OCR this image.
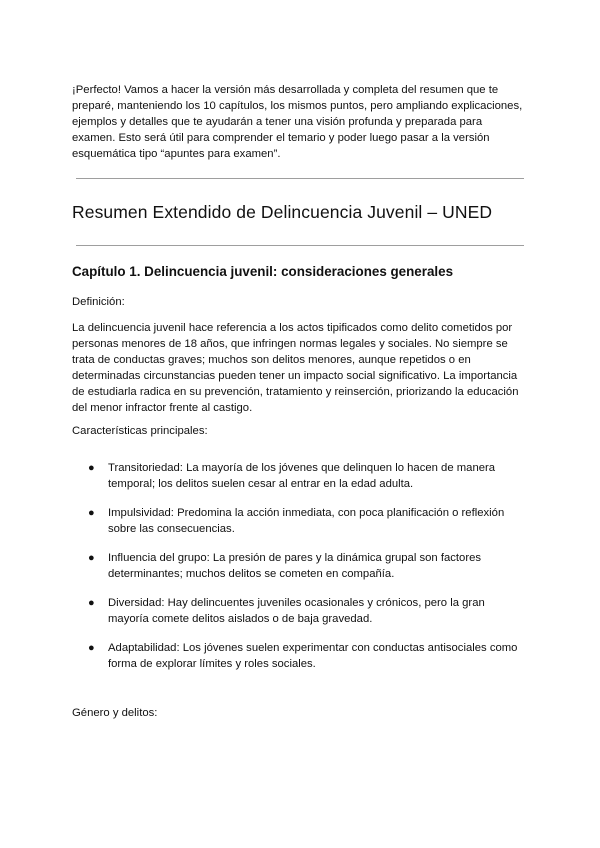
¡Perfecto! Vamos a hacer la versión más desarrollada y completa del resumen que te preparé, manteniendo los 10 capítulos, los mismos puntos, pero ampliando explicaciones, ejemplos y detalles que te ayudarán a tener una visión profunda y preparada para examen. Esto será útil para comprender el temario y poder luego pasar a la versión esquemática tipo “apuntes para examen”.

Resumen Extendido de Delincuencia Juvenil – UNED
Capítulo 1. Delincuencia juvenil: consideraciones generales

Definición:

La delincuencia juvenil hace referencia a los actos tipificados como delito cometidos por personas menores de 18 años, que infringen normas legales y sociales. No siempre se trata de conductas graves; muchos son delitos menores, aunque repetidos o en determinadas circunstancias pueden tener un impacto social significativo. La importancia de estudiarla radica en su prevención, tratamiento y reinserción, priorizando la educación del menor infractor frente al castigo.

Características principales:

● Transitoriedad: La mayoría de los jóvenes que delinquen lo hacen de manera temporal; los delitos suelen cesar al entrar en la edad adulta.
● Impulsividad: Predomina la acción inmediata, con poca planificación o reflexión sobre las consecuencias.
● Influencia del grupo: La presión de pares y la dinámica grupal son factores determinantes; muchos delitos se cometen en compañía.
● Diversidad: Hay delincuentes juveniles ocasionales y crónicos, pero la gran mayoría comete delitos aislados o de baja gravedad.
● Adaptabilidad: Los jóvenes suelen experimentar con conductas antisociales como forma de explorar límites y roles sociales.

Género y delitos:
